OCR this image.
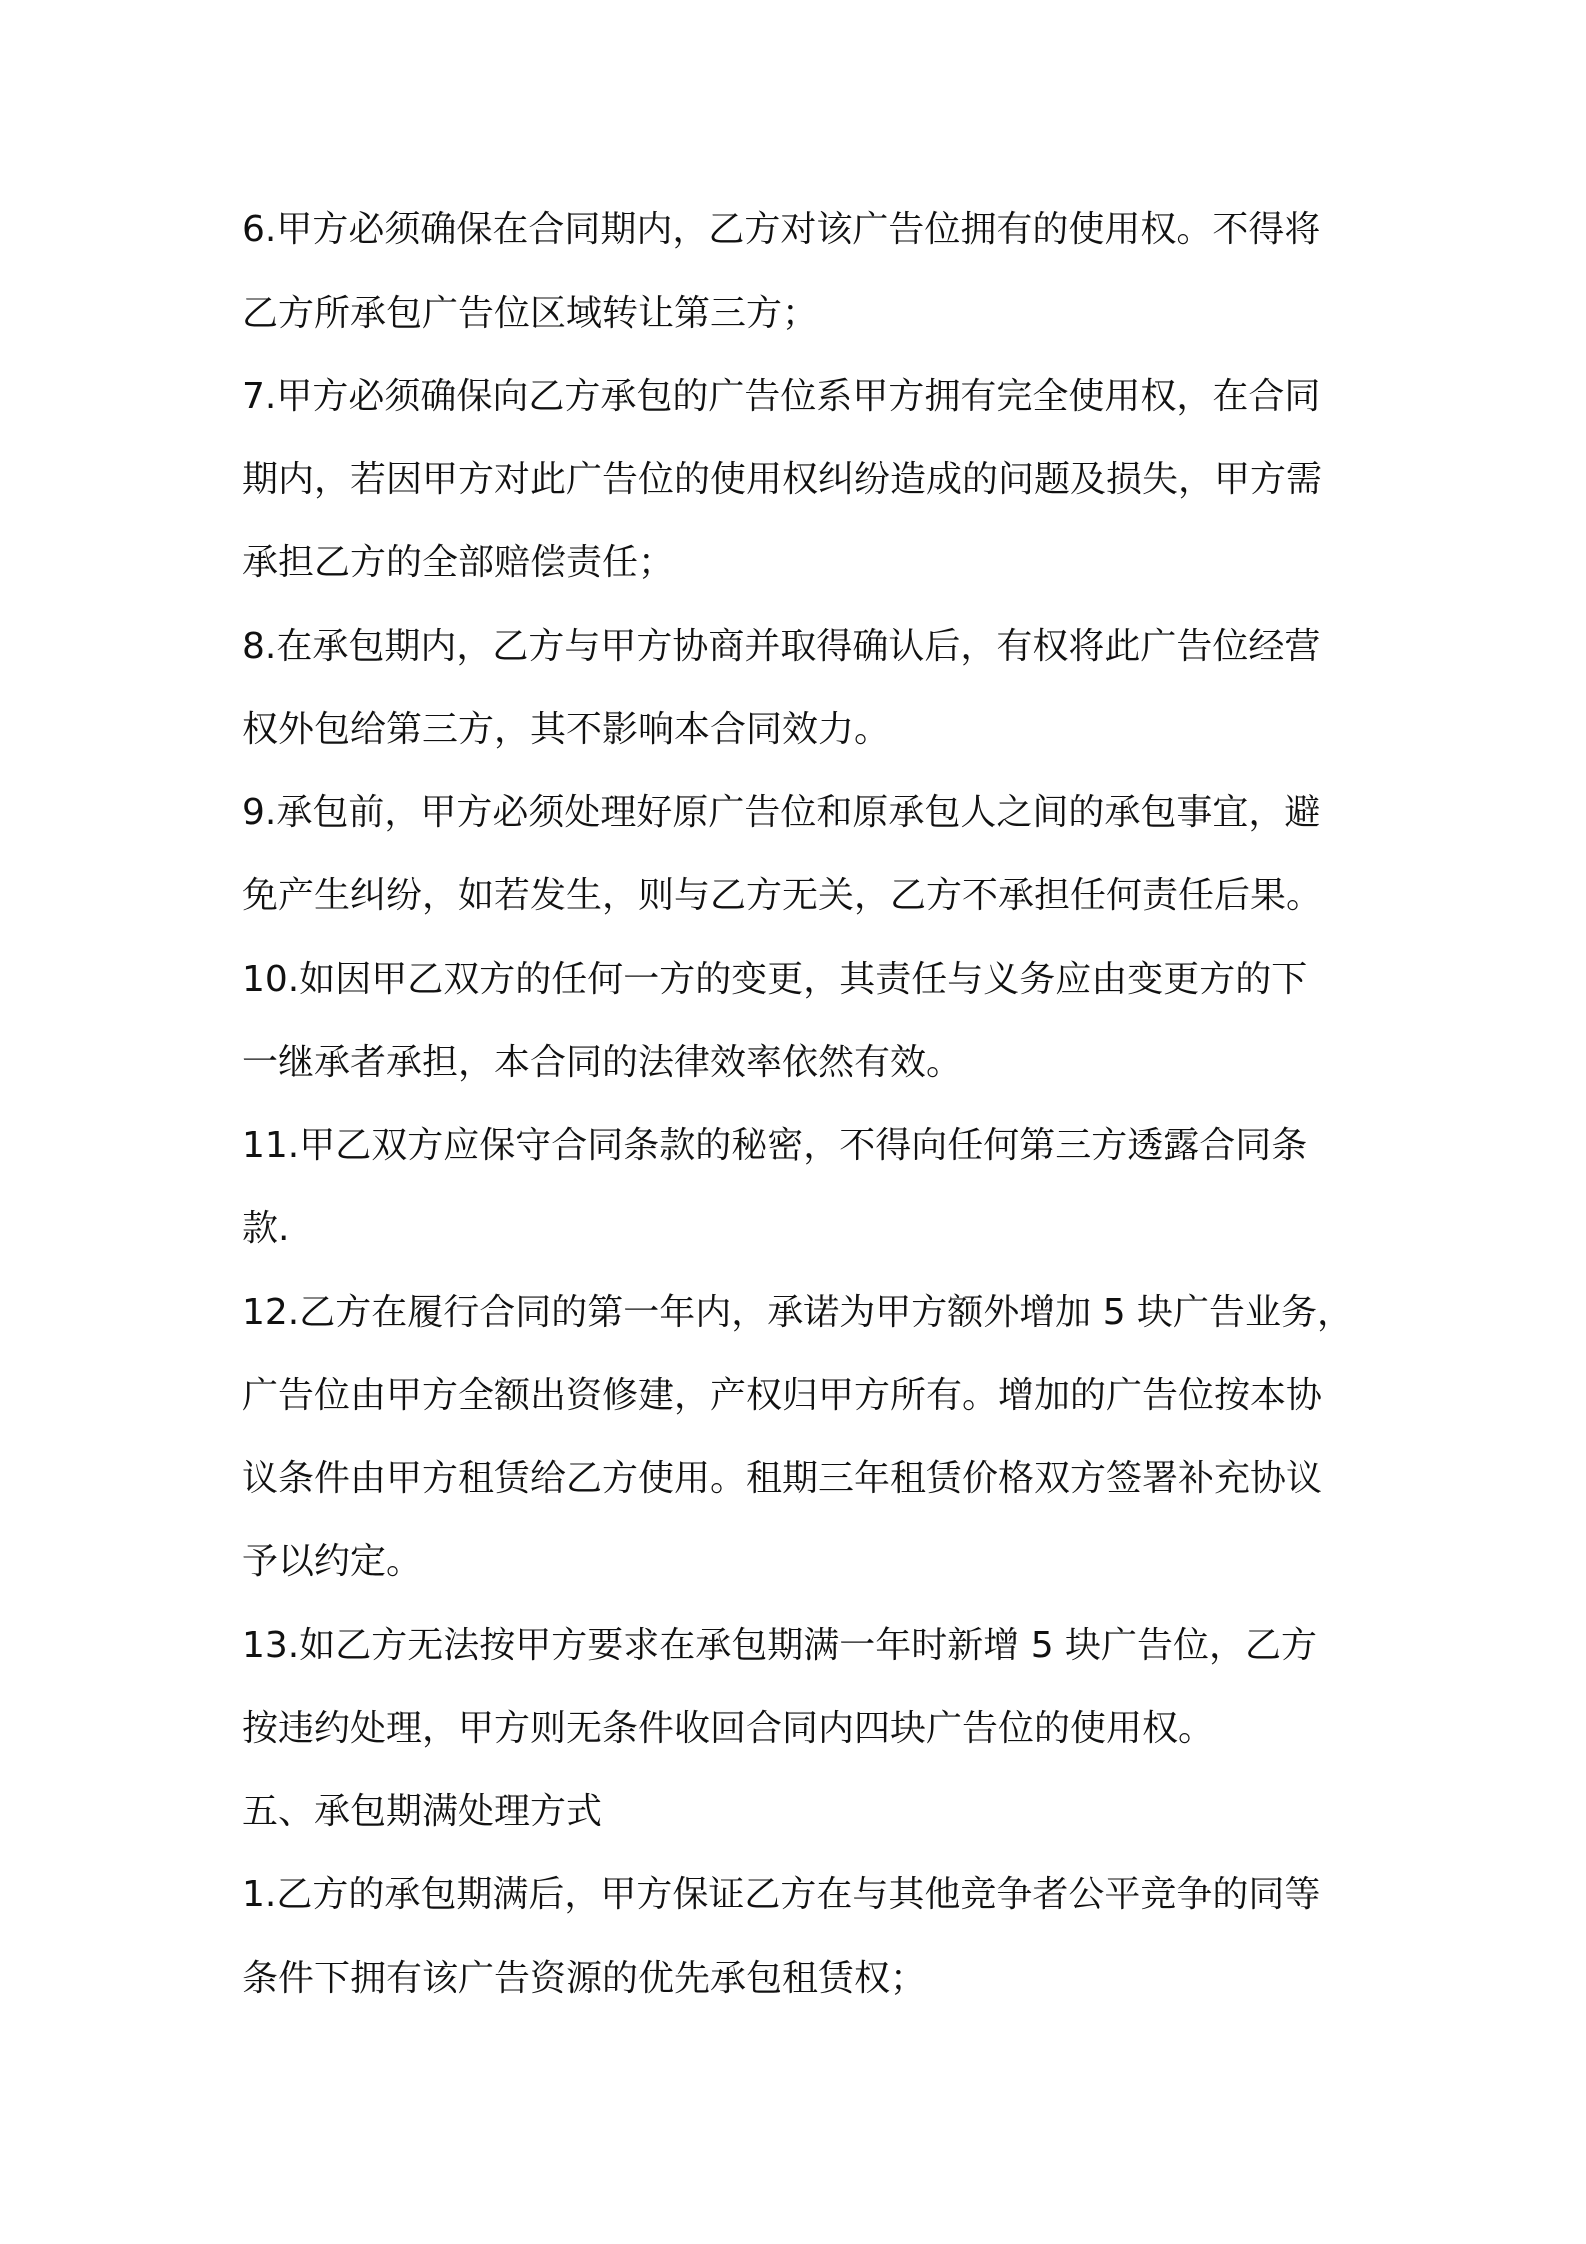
6.甲方必须确保在合同期内，乙方对该广告位拥有的使用权。不得将

乙方所承包广告位区域转让第三方；

7.甲方必须确保向乙方承包的广告位系甲方拥有完全使用权，在合同

期内，若因甲方对此广告位的使用权纠纷造成的问题及损失，甲方需

承担乙方的全部赔偿责任；

8.在承包期内，乙方与甲方协商并取得确认后，有权将此广告位经营

权外包给第三方，其不影响本合同效力。

9.承包前，甲方必须处理好原广告位和原承包人之间的承包事宜，避

免产生纠纷，如若发生，则与乙方无关，乙方不承担任何责任后果。

10.如因甲乙双方的任何一方的变更，其责任与义务应由变更方的下

一继承者承担，本合同的法律效率依然有效。

11.甲乙双方应保守合同条款的秘密，不得向任何第三方透露合同条

款.

12.乙方在履行合同的第一年内，承诺为甲方额外增加 5 块广告业务，

广告位由甲方全额出资修建，产权归甲方所有。增加的广告位按本协

议条件由甲方租赁给乙方使用。租期三年租赁价格双方签署补充协议

予以约定。

13.如乙方无法按甲方要求在承包期满一年时新增 5 块广告位，乙方

按违约处理，甲方则无条件收回合同内四块广告位的使用权。

五、承包期满处理方式

1.乙方的承包期满后，甲方保证乙方在与其他竞争者公平竞争的同等

条件下拥有该广告资源的优先承包租赁权；
